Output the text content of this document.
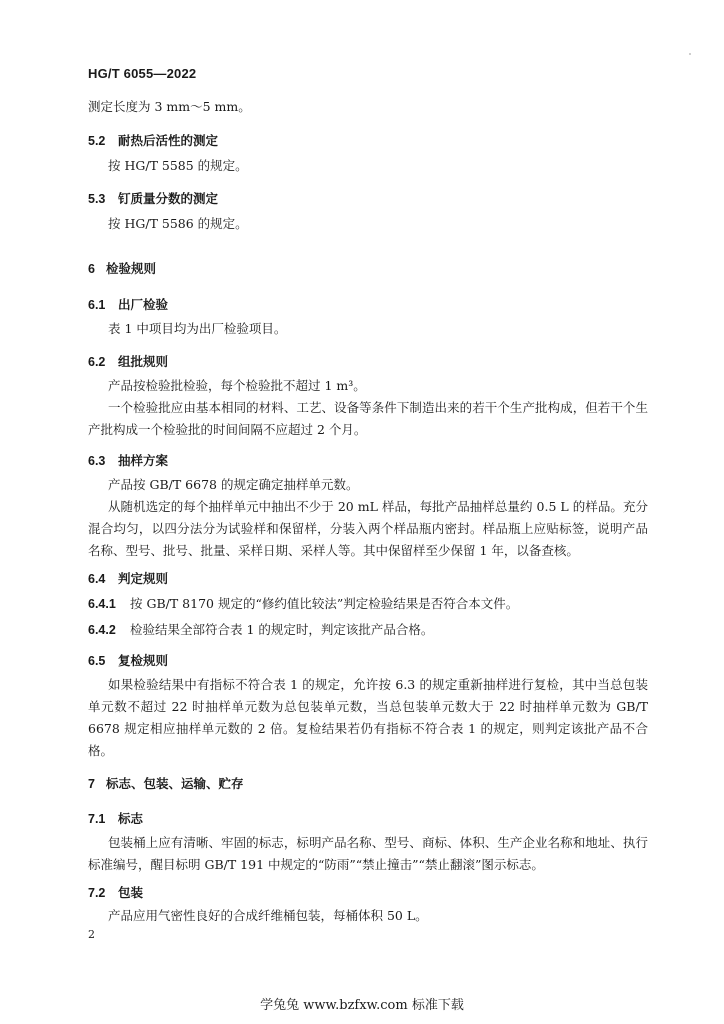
HG/T 6055—2022
测定长度为 3 mm～5 mm。
5.2 耐热后活性的测定
按 HG/T 5585 的规定。
5.3 钉质量分数的测定
按 HG/T 5586 的规定。
6 检验规则
6.1 出厂检验
表 1 中项目均为出厂检验项目。
6.2 组批规则
产品按检验批检验，每个检验批不超过 1 m³。
一个检验批应由基本相同的材料、工艺、设备等条件下制造出来的若干个生产批构成，但若干个生产批构成一个检验批的时间间隔不应超过 2 个月。
6.3 抽样方案
产品按 GB/T 6678 的规定确定抽样单元数。
从随机选定的每个抽样单元中抽出不少于 20 mL 样品，每批产品抽样总量约 0.5 L 的样品。充分混合均匀，以四分法分为试验样和保留样，分装入两个样品瓶内密封。样品瓶上应贴标签，说明产品名称、型号、批号、批量、采样日期、采样人等。其中保留样至少保留 1 年，以备查核。
6.4 判定规则
6.4.1 按 GB/T 8170 规定的“修约值比较法”判定检验结果是否符合本文件。
6.4.2 检验结果全部符合表 1 的规定时，判定该批产品合格。
6.5 复检规则
如果检验结果中有指标不符合表 1 的规定，允许按 6.3 的规定重新抽样进行复检，其中当总包装单元数不超过 22 时抽样单元数为总包装单元数，当总包装单元数大于 22 时抽样单元数为 GB/T 6678 规定相应抽样单元数的 2 倍。复检结果若仍有指标不符合表 1 的规定，则判定该批产品不合格。
7 标志、包装、运输、贮存
7.1 标志
包装桶上应有清晰、牢固的标志，标明产品名称、型号、商标、体积、生产企业名称和地址、执行标准编号，醒目标明 GB/T 191 中规定的“防雨”“禁止撞击”“禁止翻滚”图示标志。
7.2 包装
产品应用气密性良好的合成纤维桶包装，每桶体积 50 L。
2
学兔兔 www.bzfxw.com 标准下载
